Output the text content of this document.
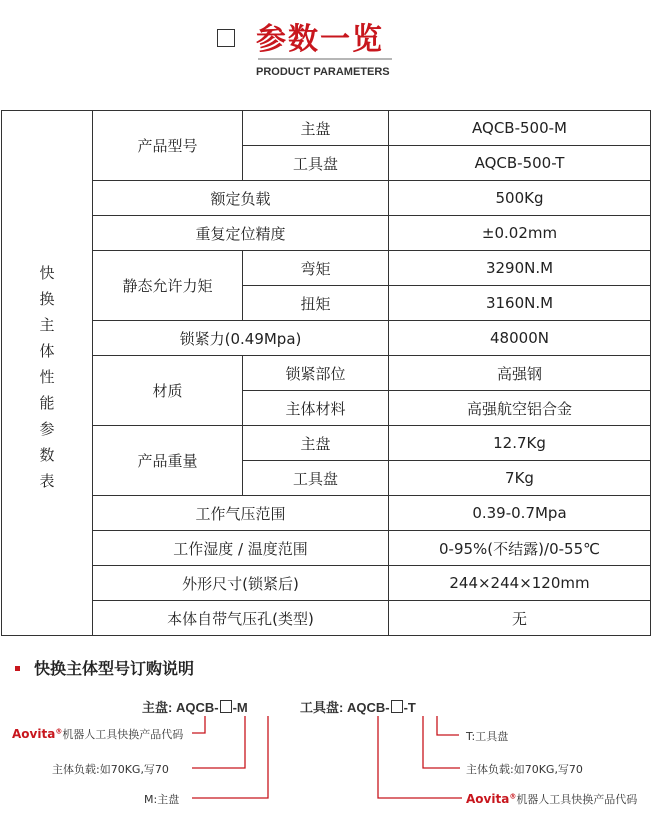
参数一览
PRODUCT PARAMETERS
快换主体性能参数表	产品型号	主盘	AQCB-500-M
		工具盘	AQCB-500-T
	额定负载		500Kg
	重复定位精度		±0.02mm
	静态允许力矩	弯矩	3290N.M
		扭矩	3160N.M
	锁紧力(0.49Mpa)		48000N
	材质	锁紧部位	高强钢
		主体材料	高强航空铝合金
	产品重量	主盘	12.7Kg
		工具盘	7Kg
	工作气压范围		0.39-0.7Mpa
	工作湿度 / 温度范围		0-95%(不结露)/0-55℃
	外形尺寸(锁紧后)		244×244×120mm
	本体自带气压孔(类型)		无
快换主体型号订购说明
主盘: AQCB- -M	工具盘: AQCB- -T
Aovita®机器人工具快换产品代码
主体负载:如70KG,写70
M:主盘
T:工具盘
主体负载:如70KG,写70
Aovita®机器人工具快换产品代码
